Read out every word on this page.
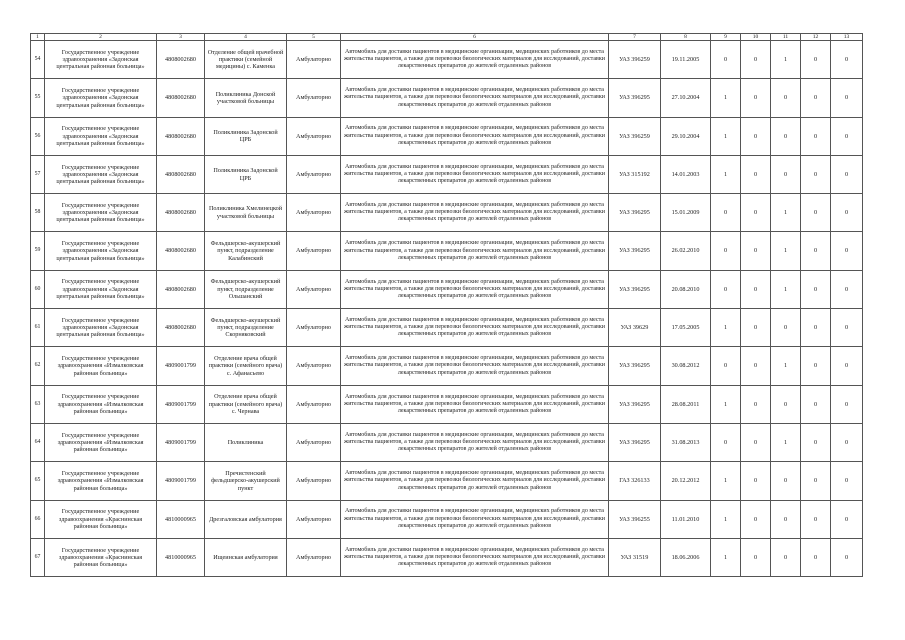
1	2	3	4	5	6	7	8	9	10	11	12	13
54	Государственное учреждение здравоохранения «Задонская центральная районная больница»	4808002680	Отделение общей врачебной практики (семейной медицины) с. Каменка	Амбулаторно	Автомобиль для доставки пациентов в медицинские организации, медицинских работников до места жительства пациентов, а также для перевозки биологических материалов для исследований, доставки лекарственных препаратов до жителей отдаленных районов	УАЗ 396259	19.11.2005	0	0	1	0	0
55	Государственное учреждение здравоохранения «Задонская центральная районная больница»	4808002680	Поликлиника Донской участковой больницы	Амбулаторно	Автомобиль для доставки пациентов в медицинские организации, медицинских работников до места жительства пациентов, а также для перевозки биологических материалов для исследований, доставки лекарственных препаратов до жителей отдаленных районов	УАЗ 396295	27.10.2004	1	0	0	0	0
56	Государственное учреждение здравоохранения «Задонская центральная районная больница»	4808002680	Поликлиника Задонской ЦРБ	Амбулаторно	Автомобиль для доставки пациентов в медицинские организации, медицинских работников до места жительства пациентов, а также для перевозки биологических материалов для исследований, доставки лекарственных препаратов до жителей отдаленных районов	УАЗ 396259	29.10.2004	1	0	0	0	0
57	Государственное учреждение здравоохранения «Задонская центральная районная больница»	4808002680	Поликлиника Задонской ЦРБ	Амбулаторно	Автомобиль для доставки пациентов в медицинские организации, медицинских работников до места жительства пациентов, а также для перевозки биологических материалов для исследований, доставки лекарственных препаратов до жителей отдаленных районов	УАЗ 315192	14.01.2003	1	0	0	0	0
58	Государственное учреждение здравоохранения «Задонская центральная районная больница»	4808002680	Поликлиника Хмелинецкой участковой больницы	Амбулаторно	Автомобиль для доставки пациентов в медицинские организации, медицинских работников до места жительства пациентов, а также для перевозки биологических материалов для исследований, доставки лекарственных препаратов до жителей отдаленных районов	УАЗ 396295	15.01.2009	0	0	1	0	0
59	Государственное учреждение здравоохранения «Задонская центральная районная больница»	4808002680	Фельдшерско-акушерский пункт, подразделение Калабинский	Амбулаторно	Автомобиль для доставки пациентов в медицинские организации, медицинских работников до места жительства пациентов, а также для перевозки биологических материалов для исследований, доставки лекарственных препаратов до жителей отдаленных районов	УАЗ 396295	26.02.2010	0	0	1	0	0
60	Государственное учреждение здравоохранения «Задонская центральная районная больница»	4808002680	Фельдшерско-акушерский пункт, подразделение Ольшанский	Амбулаторно	Автомобиль для доставки пациентов в медицинские организации, медицинских работников до места жительства пациентов, а также для перевозки биологических материалов для исследований, доставки лекарственных препаратов до жителей отдаленных районов	УАЗ 396295	20.08.2010	0	0	1	0	0
61	Государственное учреждение здравоохранения «Задонская центральная районная больница»	4808002680	Фельдшерско-акушерский пункт, подразделение Скорняковский	Амбулаторно	Автомобиль для доставки пациентов в медицинские организации, медицинских работников до места жительства пациентов, а также для перевозки биологических материалов для исследований, доставки лекарственных препаратов до жителей отдаленных районов	УАЗ 39629	17.05.2005	1	0	0	0	0
62	Государственное учреждение здравоохранения «Измалковская районная больница»	4809001799	Отделение врача общей практики (семейного врача) с. Афанасьево	Амбулаторно	Автомобиль для доставки пациентов в медицинские организации, медицинских работников до места жительства пациентов, а также для перевозки биологических материалов для исследований, доставки лекарственных препаратов до жителей отдаленных районов	УАЗ 396295	30.08.2012	0	0	1	0	0
63	Государственное учреждение здравоохранения «Измалковская районная больница»	4809001799	Отделение врача общей практики (семейного врача) с. Чернава	Амбулаторно	Автомобиль для доставки пациентов в медицинские организации, медицинских работников до места жительства пациентов, а также для перевозки биологических материалов для исследований, доставки лекарственных препаратов до жителей отдаленных районов	УАЗ 396295	28.08.2011	1	0	0	0	0
64	Государственное учреждение здравоохранения «Измалковская районная больница»	4809001799	Поликлиника	Амбулаторно	Автомобиль для доставки пациентов в медицинские организации, медицинских работников до места жительства пациентов, а также для перевозки биологических материалов для исследований, доставки лекарственных препаратов до жителей отдаленных районов	УАЗ 396295	31.08.2013	0	0	1	0	0
65	Государственное учреждение здравоохранения «Измалковская районная больница»	4809001799	Пречистенский фельдшерско-акушерский пункт	Амбулаторно	Автомобиль для доставки пациентов в медицинские организации, медицинских работников до места жительства пациентов, а также для перевозки биологических материалов для исследований, доставки лекарственных препаратов до жителей отдаленных районов	ГАЗ 326133	20.12.2012	1	0	0	0	0
66	Государственное учреждение здравоохранения «Краснинская районная больница»	4810000965	Дрезгаловская амбулатория	Амбулаторно	Автомобиль для доставки пациентов в медицинские организации, медицинских работников до места жительства пациентов, а также для перевозки биологических материалов для исследований, доставки лекарственных препаратов до жителей отдаленных районов	УАЗ 396255	11.01.2010	1	0	0	0	0
67	Государственное учреждение здравоохранения «Краснинская районная больница»	4810000965	Ищеинская амбулатория	Амбулаторно	Автомобиль для доставки пациентов в медицинские организации, медицинских работников до места жительства пациентов, а также для перевозки биологических материалов для исследований, доставки лекарственных препаратов до жителей отдаленных районов	УАЗ 31519	18.06.2006	1	0	0	0	0
